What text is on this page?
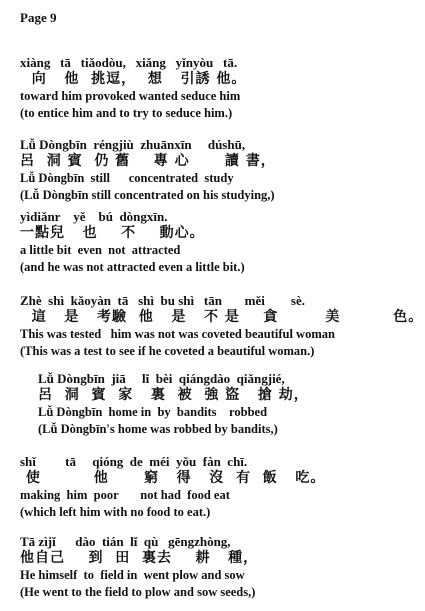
Page 9
xiàng   tā   tiǎodòu,   xiǎng   yǐnyòu   tā.
向   他  挑逗，  想   引誘 他。
toward him provoked wanted seduce him
(to entice him and to try to seduce him.)
Lǚ Dòngbīn  réngjiù  zhuānxīn     dúshū,
呂  洞 賓  仍 舊    專 心      讀 書，
Lǚ Dòngbīn  still      concentrated  study
(Lǚ Dòngbīn still concentrated on his studying,)
yìdiǎnr    yě    bú  dòngxīn.
一點兒   也    不    動心。
a little bit  even  not  attracted
(and he was not attracted even a little bit.)
Zhè  shì  kǎoyàn  tā   shì  bu shì   tān       měi        sè.
這   是   考驗  他   是   不 是    貪        美         色。
This was tested   him was not was coveted beautiful woman
(This was a test to see if he coveted a beautiful woman.)
Lǚ Dòngbīn  jiā     lǐ  bèi  qiángdào  qiǎngjié,
呂  洞  賓  家   裏  被  強 盜   搶 劫，
Lǚ Dòngbīn  home in  by  bandits    robbed
(Lǚ Dòngbīn's home was robbed by bandits,)
shǐ         tā     qióng  de  méi  yǒu  fàn  chī.
使         他      窮   得   沒  有  飯   吃。
making  him  poor       not had  food eat
(which left him with no food to eat.)
Tā zìjǐ      dào  tián  lǐ  qù   gēngzhòng,
他自己    到  田  裏去    耕   種，
He himself  to  field in  went plow and sow
(He went to the field to plow and sow seeds,)
